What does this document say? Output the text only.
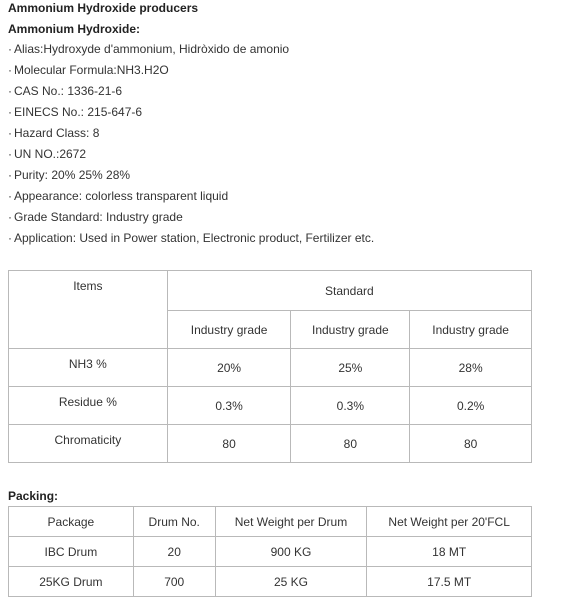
Ammonium Hydroxide producers
Ammonium Hydroxide:
· Alias:Hydroxyde d'ammonium, Hidròxido de amonio
· Molecular Formula:NH3.H2O
· CAS No.: 1336-21-6
· EINECS No.: 215-647-6
· Hazard Class: 8
· UN NO.:2672
· Purity: 20% 25% 28%
· Appearance: colorless transparent liquid
· Grade Standard: Industry grade
· Application: Used in Power station, Electronic product, Fertilizer etc.
Items	Standard		
	Industry grade	Industry grade	Industry grade
NH3 %	20%	25%	28%
Residue %	0.3%	0.3%	0.2%
Chromaticity	80	80	80
Packing:
Package	Drum No.	Net Weight per Drum	Net Weight per 20'FCL
IBC Drum	20	900 KG	18 MT
25KG Drum	700	25 KG	17.5 MT
